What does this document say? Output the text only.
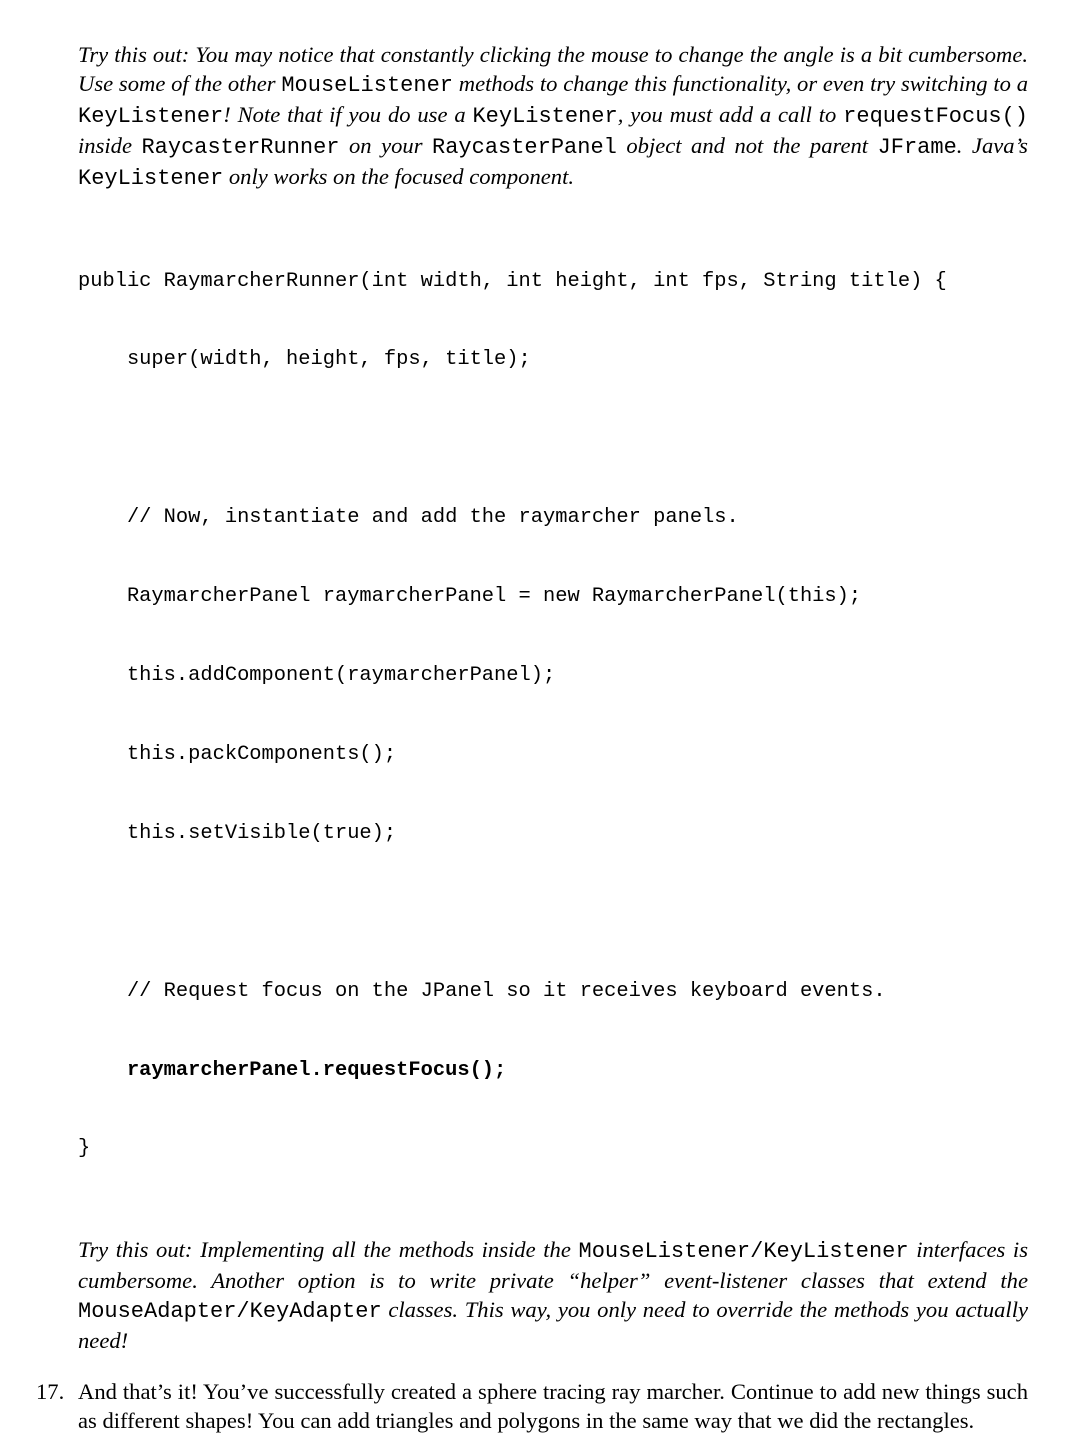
Try this out: You may notice that constantly clicking the mouse to change the angle is a bit cumbersome. Use some of the other MouseListener methods to change this functionality, or even try switching to a KeyListener! Note that if you do use a KeyListener, you must add a call to requestFocus() inside RaycasterRunner on your RaycasterPanel object and not the parent JFrame. Java’s KeyListener only works on the focused component.

public RaymarcherRunner(int width, int height, int fps, String title) {

super(width, height, fps, title);

// Now, instantiate and add the raymarcher panels.

RaymarcherPanel raymarcherPanel = new RaymarcherPanel(this);

this.addComponent(raymarcherPanel);

this.packComponents();

this.setVisible(true);

// Request focus on the JPanel so it receives keyboard events.

raymarcherPanel.requestFocus();

}

Try this out: Implementing all the methods inside the MouseListener/KeyListener interfaces is cumbersome. Another option is to write private “helper” event-listener classes that extend the MouseAdapter/KeyAdapter classes. This way, you only need to override the methods you actually need!

17. And that’s it! You’ve successfully created a sphere tracing ray marcher. Continue to add new things such as different shapes! You can add triangles and polygons in the same way that we did the rectangles.
